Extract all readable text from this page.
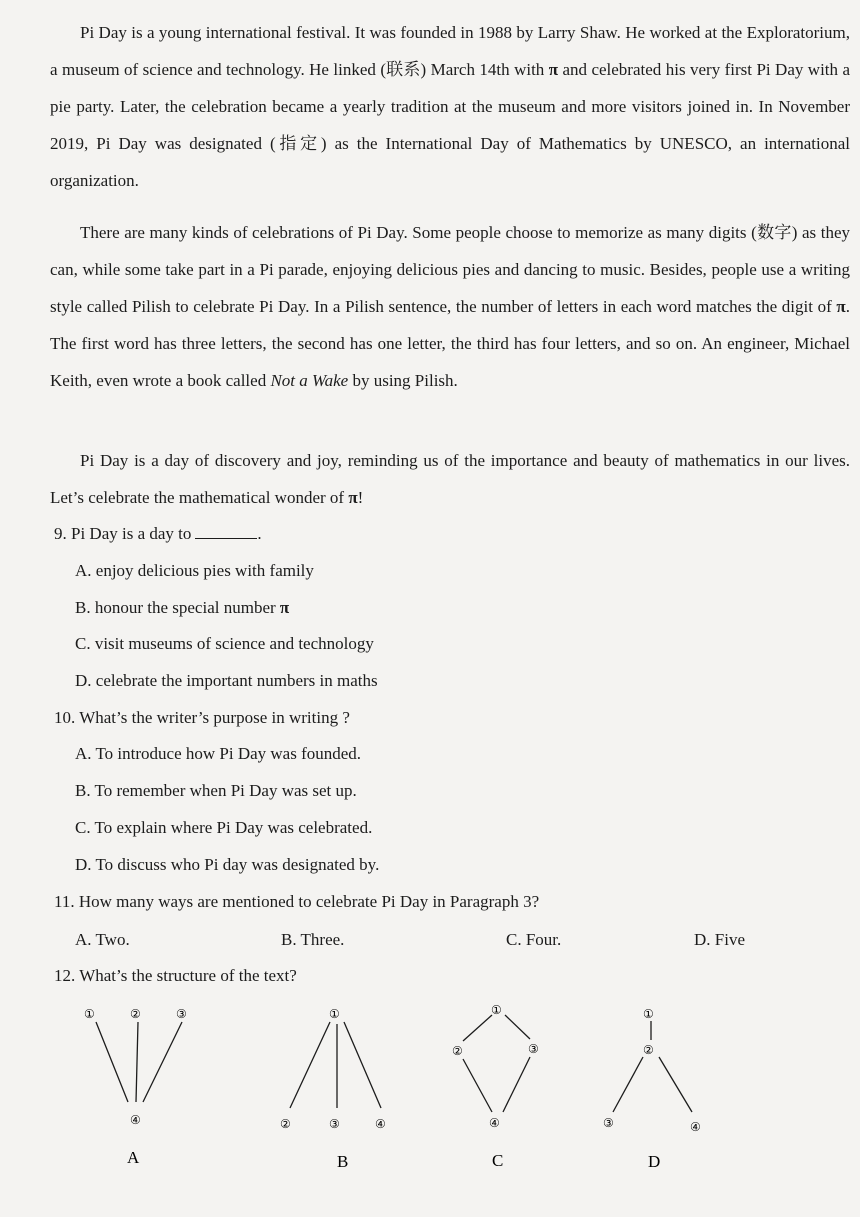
Pi Day is a young international festival. It was founded in 1988 by Larry Shaw. He worked at the Exploratorium, a museum of science and technology. He linked (联系) March 14th with π and celebrated his very first Pi Day with a pie party. Later, the celebration became a yearly tradition at the museum and more visitors joined in. In November 2019, Pi Day was designated (指定) as the International Day of Mathematics by UNESCO, an international organization.

There are many kinds of celebrations of Pi Day. Some people choose to memorize as many digits (数字) as they can, while some take part in a Pi parade, enjoying delicious pies and dancing to music. Besides, people use a writing style called Pilish to celebrate Pi Day. In a Pilish sentence, the number of letters in each word matches the digit of π. The first word has three letters, the second has one letter, the third has four letters, and so on. An engineer, Michael Keith, even wrote a book called Not a Wake by using Pilish.

Pi Day is a day of discovery and joy, reminding us of the importance and beauty of mathematics in our lives. Let’s celebrate the mathematical wonder of π!

9. Pi Day is a day to	.
A. enjoy delicious pies with family
B. honour the special number π
C. visit museums of science and technology
D. celebrate the important numbers in maths
10. What’s the writer’s purpose in writing ?
A. To introduce how Pi Day was founded.
B. To remember when Pi Day was set up.
C. To explain where Pi Day was celebrated.
D. To discuss who Pi day was designated by.
11. How many ways are mentioned to celebrate Pi Day in Paragraph 3?
A. Two.	B. Three.	C. Four.	D. Five
12. What’s the structure of the text?
①	②	③
④
A
①
②	③	④
B
①
②	③
④
C
①
②
③	④
D
